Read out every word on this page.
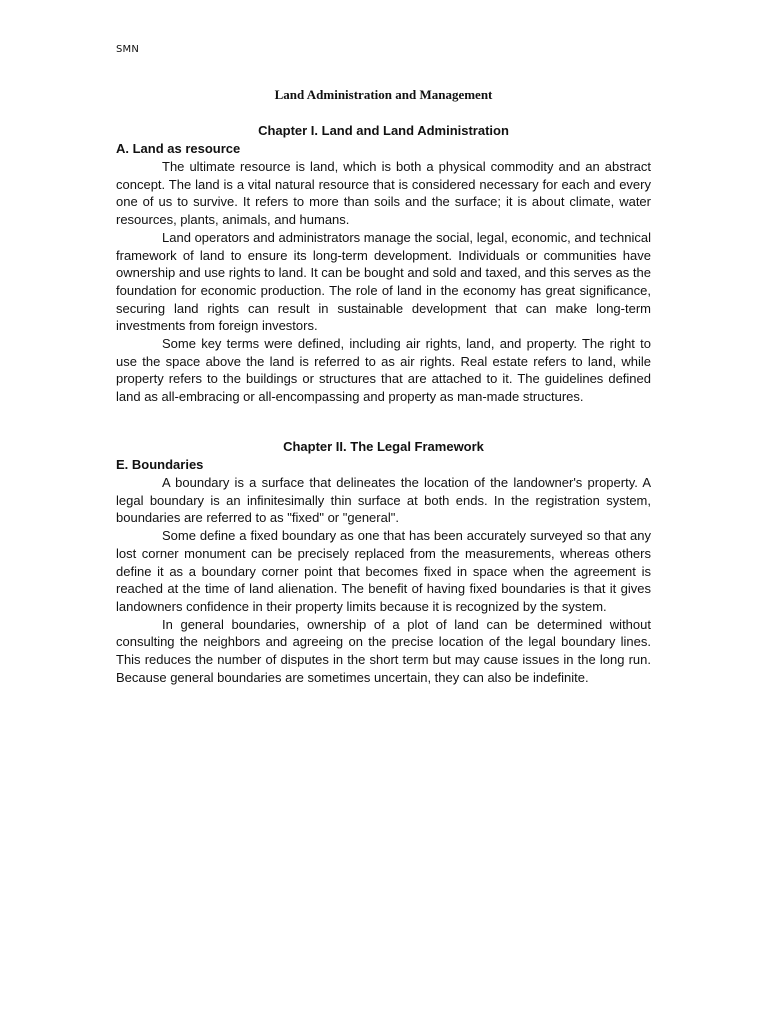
SMN
Land Administration and Management
Chapter I. Land and Land Administration
A. Land as resource

The ultimate resource is land, which is both a physical commodity and an abstract concept. The land is a vital natural resource that is considered necessary for each and every one of us to survive. It refers to more than soils and the surface; it is about climate, water resources, plants, animals, and humans.

Land operators and administrators manage the social, legal, economic, and technical framework of land to ensure its long-term development. Individuals or communities have ownership and use rights to land. It can be bought and sold and taxed, and this serves as the foundation for economic production. The role of land in the economy has great significance, securing land rights can result in sustainable development that can make long-term investments from foreign investors.

Some key terms were defined, including air rights, land, and property. The right to use the space above the land is referred to as air rights. Real estate refers to land, while property refers to the buildings or structures that are attached to it. The guidelines defined land as all-embracing or all-encompassing and property as man-made structures.

Chapter II. The Legal Framework
E. Boundaries

A boundary is a surface that delineates the location of the landowner's property. A legal boundary is an infinitesimally thin surface at both ends. In the registration system, boundaries are referred to as "fixed" or "general".

Some define a fixed boundary as one that has been accurately surveyed so that any lost corner monument can be precisely replaced from the measurements, whereas others define it as a boundary corner point that becomes fixed in space when the agreement is reached at the time of land alienation. The benefit of having fixed boundaries is that it gives landowners confidence in their property limits because it is recognized by the system.

In general boundaries, ownership of a plot of land can be determined without consulting the neighbors and agreeing on the precise location of the legal boundary lines. This reduces the number of disputes in the short term but may cause issues in the long run. Because general boundaries are sometimes uncertain, they can also be indefinite.
